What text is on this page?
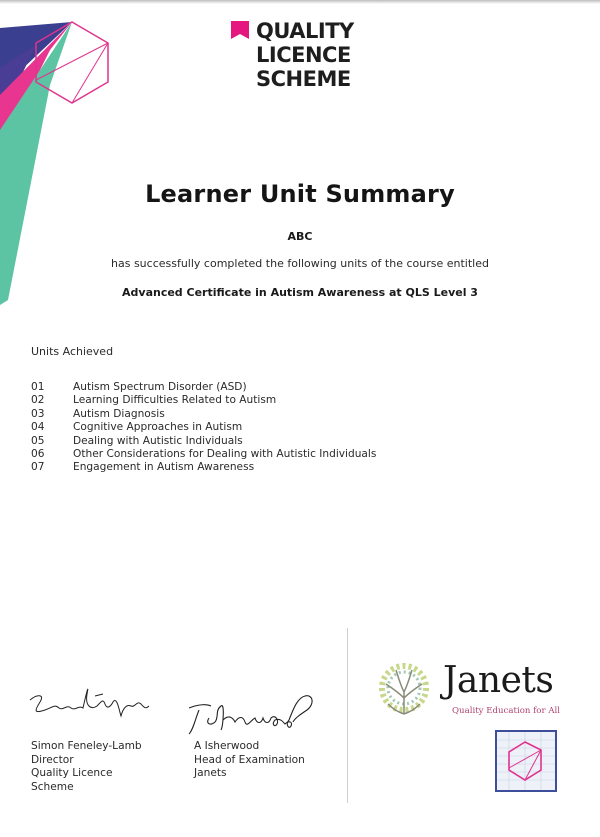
QUALITY
LICENCE
SCHEME
Learner Unit Summary
ABC
has successfully completed the following units of the course entitled
Advanced Certificate in Autism Awareness at QLS Level 3
Units Achieved
01	Autism Spectrum Disorder (ASD)
02	Learning Difficulties Related to Autism
03	Autism Diagnosis
04	Cognitive Approaches in Autism
05	Dealing with Autistic Individuals
06	Other Considerations for Dealing with Autistic Individuals
07	Engagement in Autism Awareness
Simon Feneley-Lamb
Director
Quality Licence
Scheme
A Isherwood
Head of Examination
Janets
Janets
Quality Education for All
